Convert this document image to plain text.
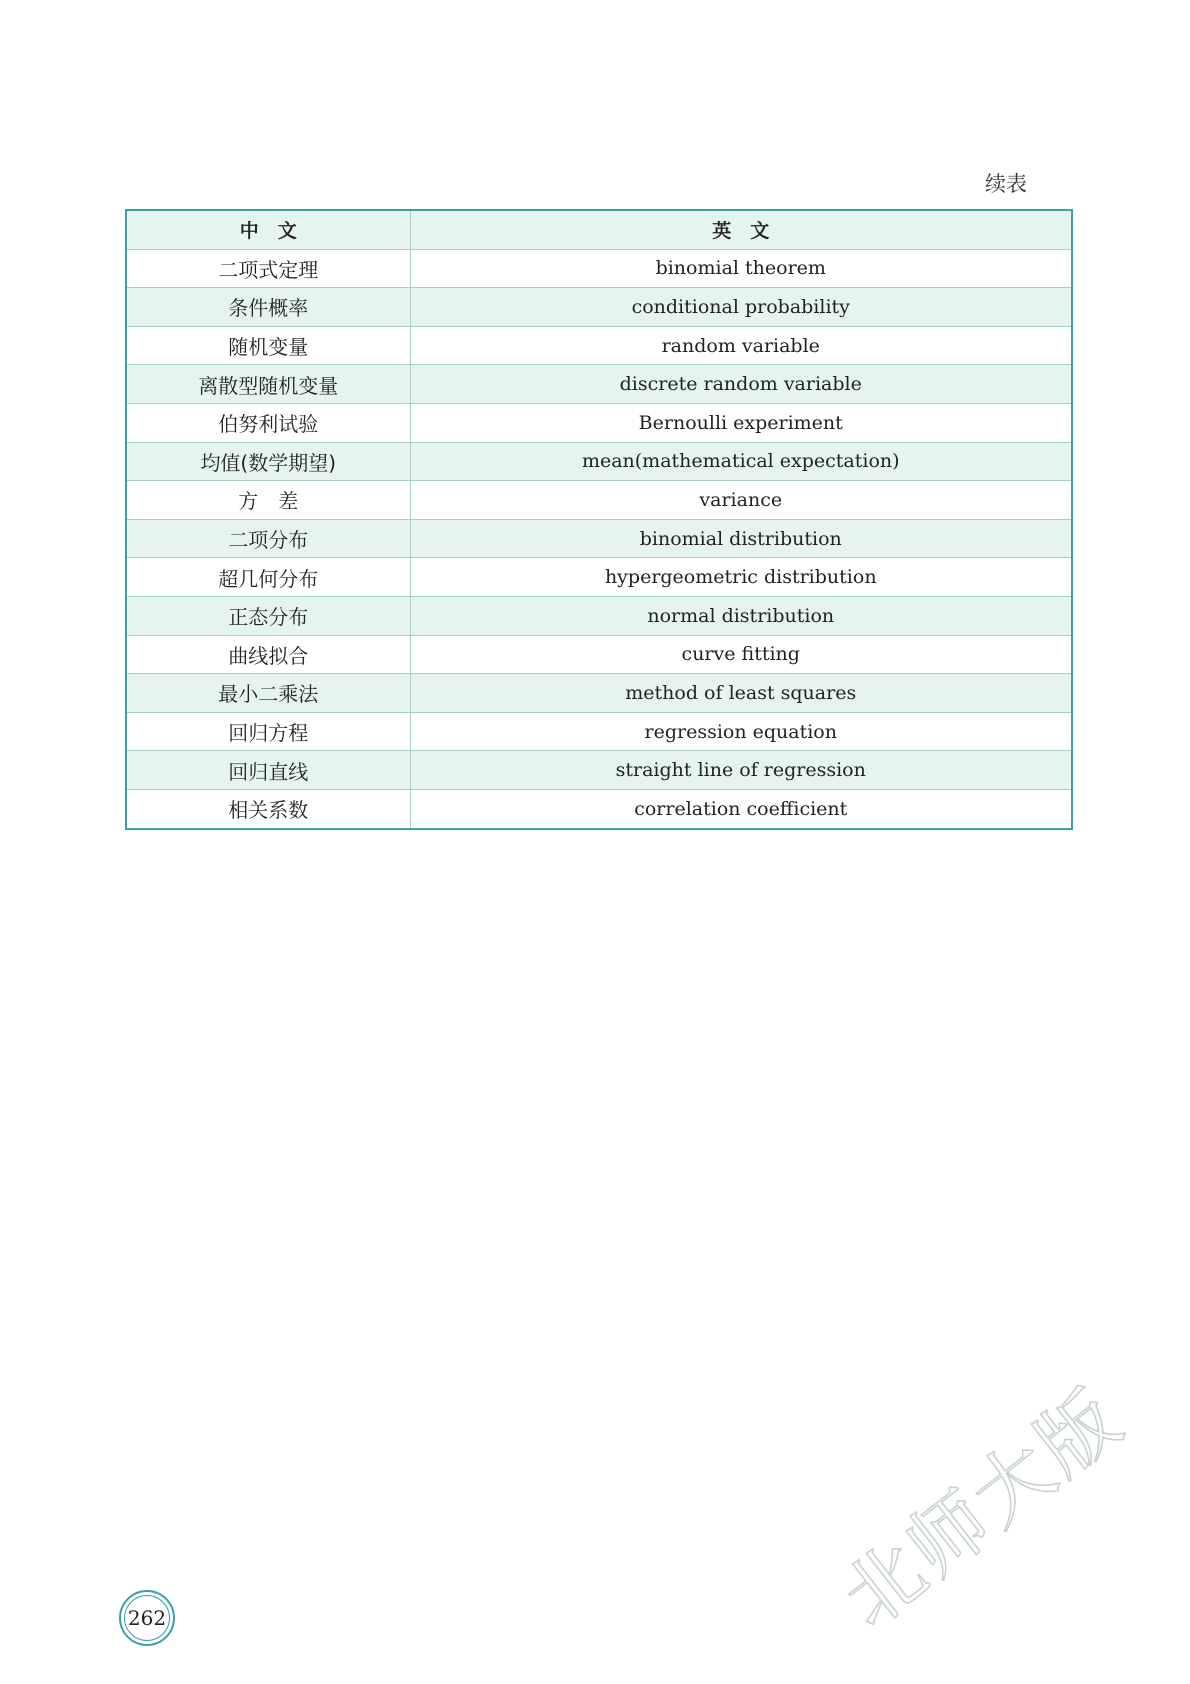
续表
中　文	英　文
二项式定理	binomial theorem
条件概率	conditional probability
随机变量	random variable
离散型随机变量	discrete random variable
伯努利试验	Bernoulli experiment
均值(数学期望)	mean(mathematical expectation)
方　差	variance
二项分布	binomial distribution
超几何分布	hypergeometric distribution
正态分布	normal distribution
曲线拟合	curve fitting
最小二乘法	method of least squares
回归方程	regression equation
回归直线	straight line of regression
相关系数	correlation coefficient
262	北师大版
